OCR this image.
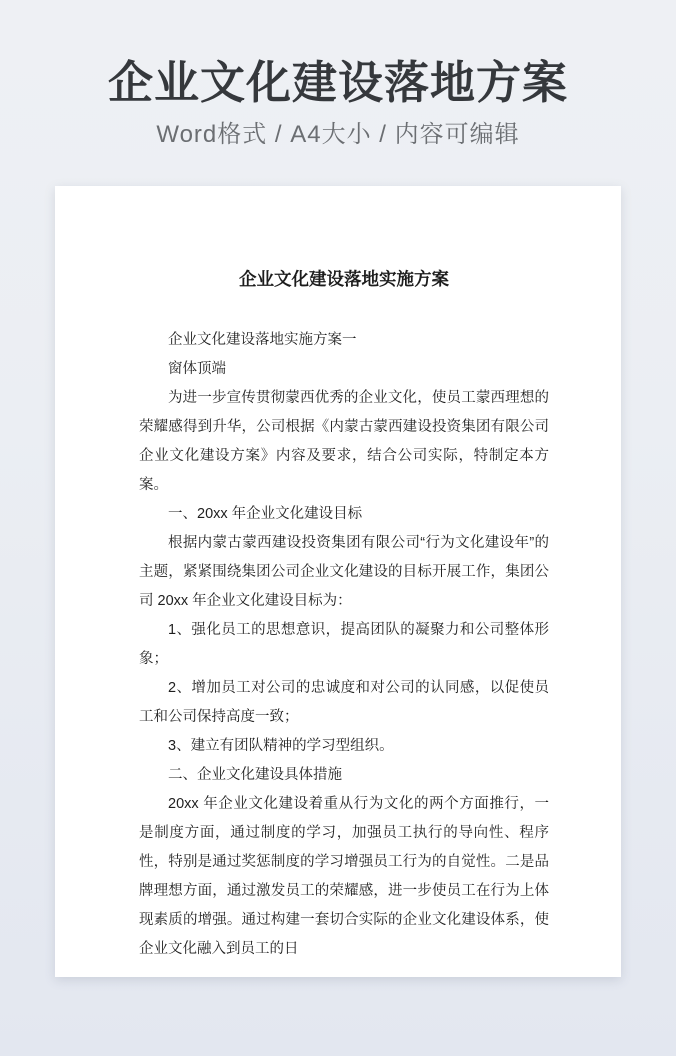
企业文化建设落地方案
Word格式 / A4大小 / 内容可编辑
企业文化建设落地实施方案

企业文化建设落地实施方案一

窗体顶端

为进一步宣传贯彻蒙西优秀的企业文化，使员工蒙西理想的荣耀感得到升华，公司根据《内蒙古蒙西建设投资集团有限公司企业文化建设方案》内容及要求，结合公司实际，特制定本方案。

一、20xx 年企业文化建设目标

根据内蒙古蒙西建设投资集团有限公司“行为文化建设年”的主题，紧紧围绕集团公司企业文化建设的目标开展工作，集团公司 20xx 年企业文化建设目标为：

1、强化员工的思想意识，提高团队的凝聚力和公司整体形象；

2、增加员工对公司的忠诚度和对公司的认同感，以促使员工和公司保持高度一致；

3、建立有团队精神的学习型组织。

二、企业文化建设具体措施

20xx 年企业文化建设着重从行为文化的两个方面推行，一是制度方面，通过制度的学习，加强员工执行的导向性、程序性，特别是通过奖惩制度的学习增强员工行为的自觉性。二是品牌理想方面，通过激发员工的荣耀感，进一步使员工在行为上体现素质的增强。通过构建一套切合实际的企业文化建设体系，使企业文化融入到员工的日
